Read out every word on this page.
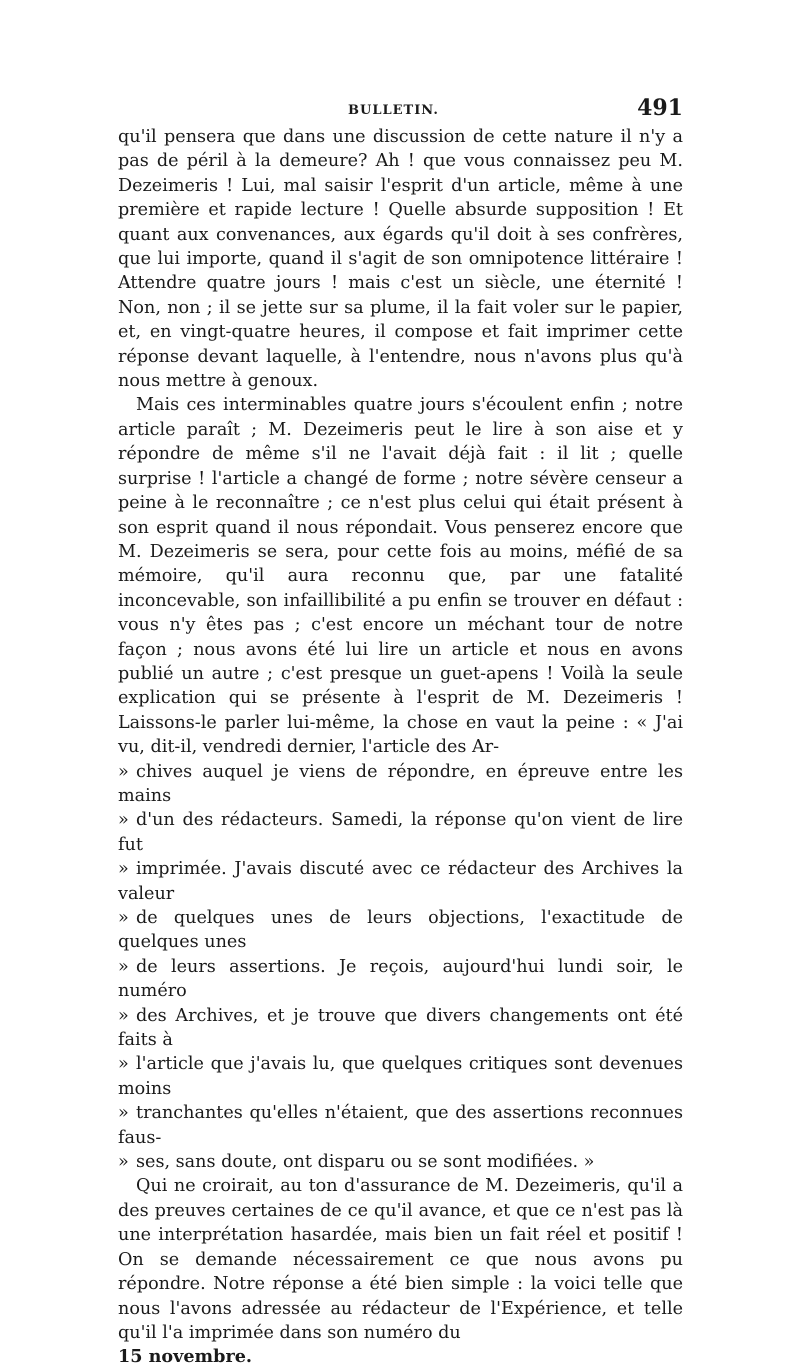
BULLETIN.	491

qu'il pensera que dans une discussion de cette nature il n'y a pas de péril à la demeure? Ah ! que vous connaissez peu M. Dezeimeris ! Lui, mal saisir l'esprit d'un article, même à une première et rapide lecture ! Quelle absurde supposition ! Et quant aux convenances, aux égards qu'il doit à ses confrères, que lui importe, quand il s'agit de son omnipotence littéraire ! Attendre quatre jours ! mais c'est un siècle, une éternité ! Non, non ; il se jette sur sa plume, il la fait voler sur le papier, et, en vingt-quatre heures, il compose et fait imprimer cette réponse devant laquelle, à l'entendre, nous n'avons plus qu'à nous mettre à genoux.

Mais ces interminables quatre jours s'écoulent enfin ; notre article paraît ; M. Dezeimeris peut le lire à son aise et y répondre de même s'il ne l'avait déjà fait : il lit ; quelle surprise ! l'article a changé de forme ; notre sévère censeur a peine à le reconnaître ; ce n'est plus celui qui était présent à son esprit quand il nous répondait. Vous penserez encore que M. Dezeimeris se sera, pour cette fois au moins, méfié de sa mémoire, qu'il aura reconnu que, par une fatalité inconcevable, son infaillibilité a pu enfin se trouver en défaut : vous n'y êtes pas ; c'est encore un méchant tour de notre façon ; nous avons été lui lire un article et nous en avons publié un autre ; c'est presque un guet-apens ! Voilà la seule explication qui se présente à l'esprit de M. Dezeimeris ! Laissons-le parler lui-même, la chose en vaut la peine : « J'ai vu, dit-il, vendredi dernier, l'article des Ar-

» chives auquel je viens de répondre, en épreuve entre les mains
» d'un des rédacteurs. Samedi, la réponse qu'on vient de lire fut
» imprimée. J'avais discuté avec ce rédacteur des Archives la valeur
» de quelques unes de leurs objections, l'exactitude de quelques unes
» de leurs assertions. Je reçois, aujourd'hui lundi soir, le numéro
» des Archives, et je trouve que divers changements ont été faits à
» l'article que j'avais lu, que quelques critiques sont devenues moins
» tranchantes qu'elles n'étaient, que des assertions reconnues faus-
» ses, sans doute, ont disparu ou se sont modifiées. »

Qui ne croirait, au ton d'assurance de M. Dezeimeris, qu'il a des preuves certaines de ce qu'il avance, et que ce n'est pas là une interprétation hasardée, mais bien un fait réel et positif ! On se demande nécessairement ce que nous avons pu répondre. Notre réponse a été bien simple : la voici telle que nous l'avons adressée au rédacteur de l'Expérience, et telle qu'il l'a imprimée dans son numéro du

15 novembre.
